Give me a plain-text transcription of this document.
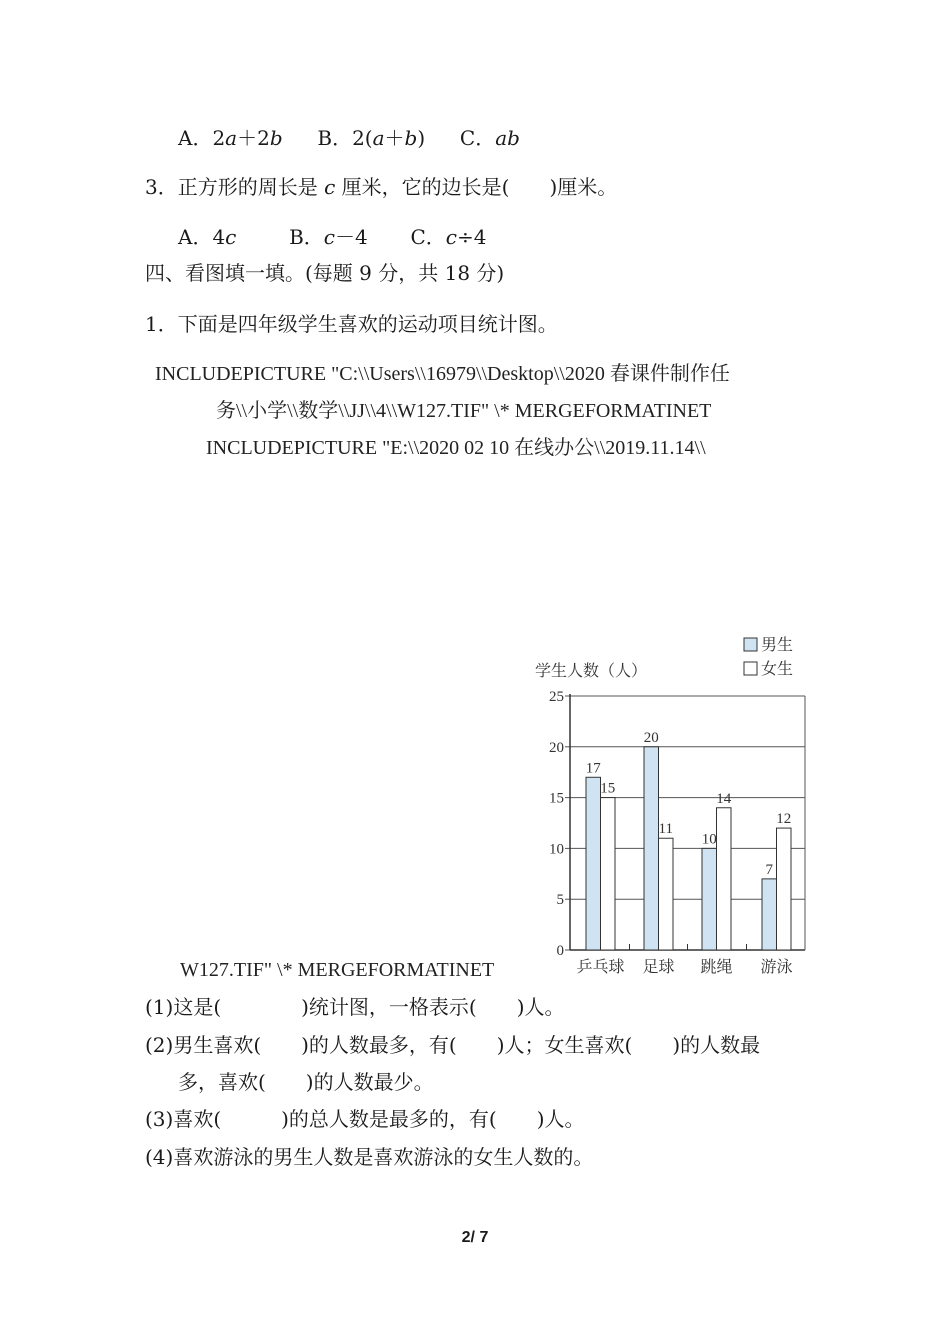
A．2a＋2b B．2(a＋b) C．ab
3．正方形的周长是 c 厘米，它的边长是(　　)厘米。
A．4c	B．c－4 C．c÷4
四、看图填一填。(每题 9 分，共 18 分)
1．下面是四年级学生喜欢的运动项目统计图。
INCLUDEPICTURE "C:\\Users\\16979\\Desktop\\2020 春课件制作任
务\\小学\\数学\\JJ\\4\\W127.TIF" \* MERGEFORMATINET
INCLUDEPICTURE "E:\\2020 02 10 在线办公\\2019.11.14\\
W127.TIF" \* MERGEFORMATINET
学生人数（人）
男生
女生
0
5
10
15
20
25
17
15
乒乓球
20
11
足球
10
14
跳绳
7
12
游泳
(1)这是(　　　　)统计图，一格表示(　　)人。
(2)男生喜欢(　　)的人数最多，有(　　)人；女生喜欢(　　)的人数最
多，喜欢(　　)的人数最少。
(3)喜欢(　　　)的总人数是最多的，有(　　)人。
(4)喜欢游泳的男生人数是喜欢游泳的女生人数的。
2/ 7
